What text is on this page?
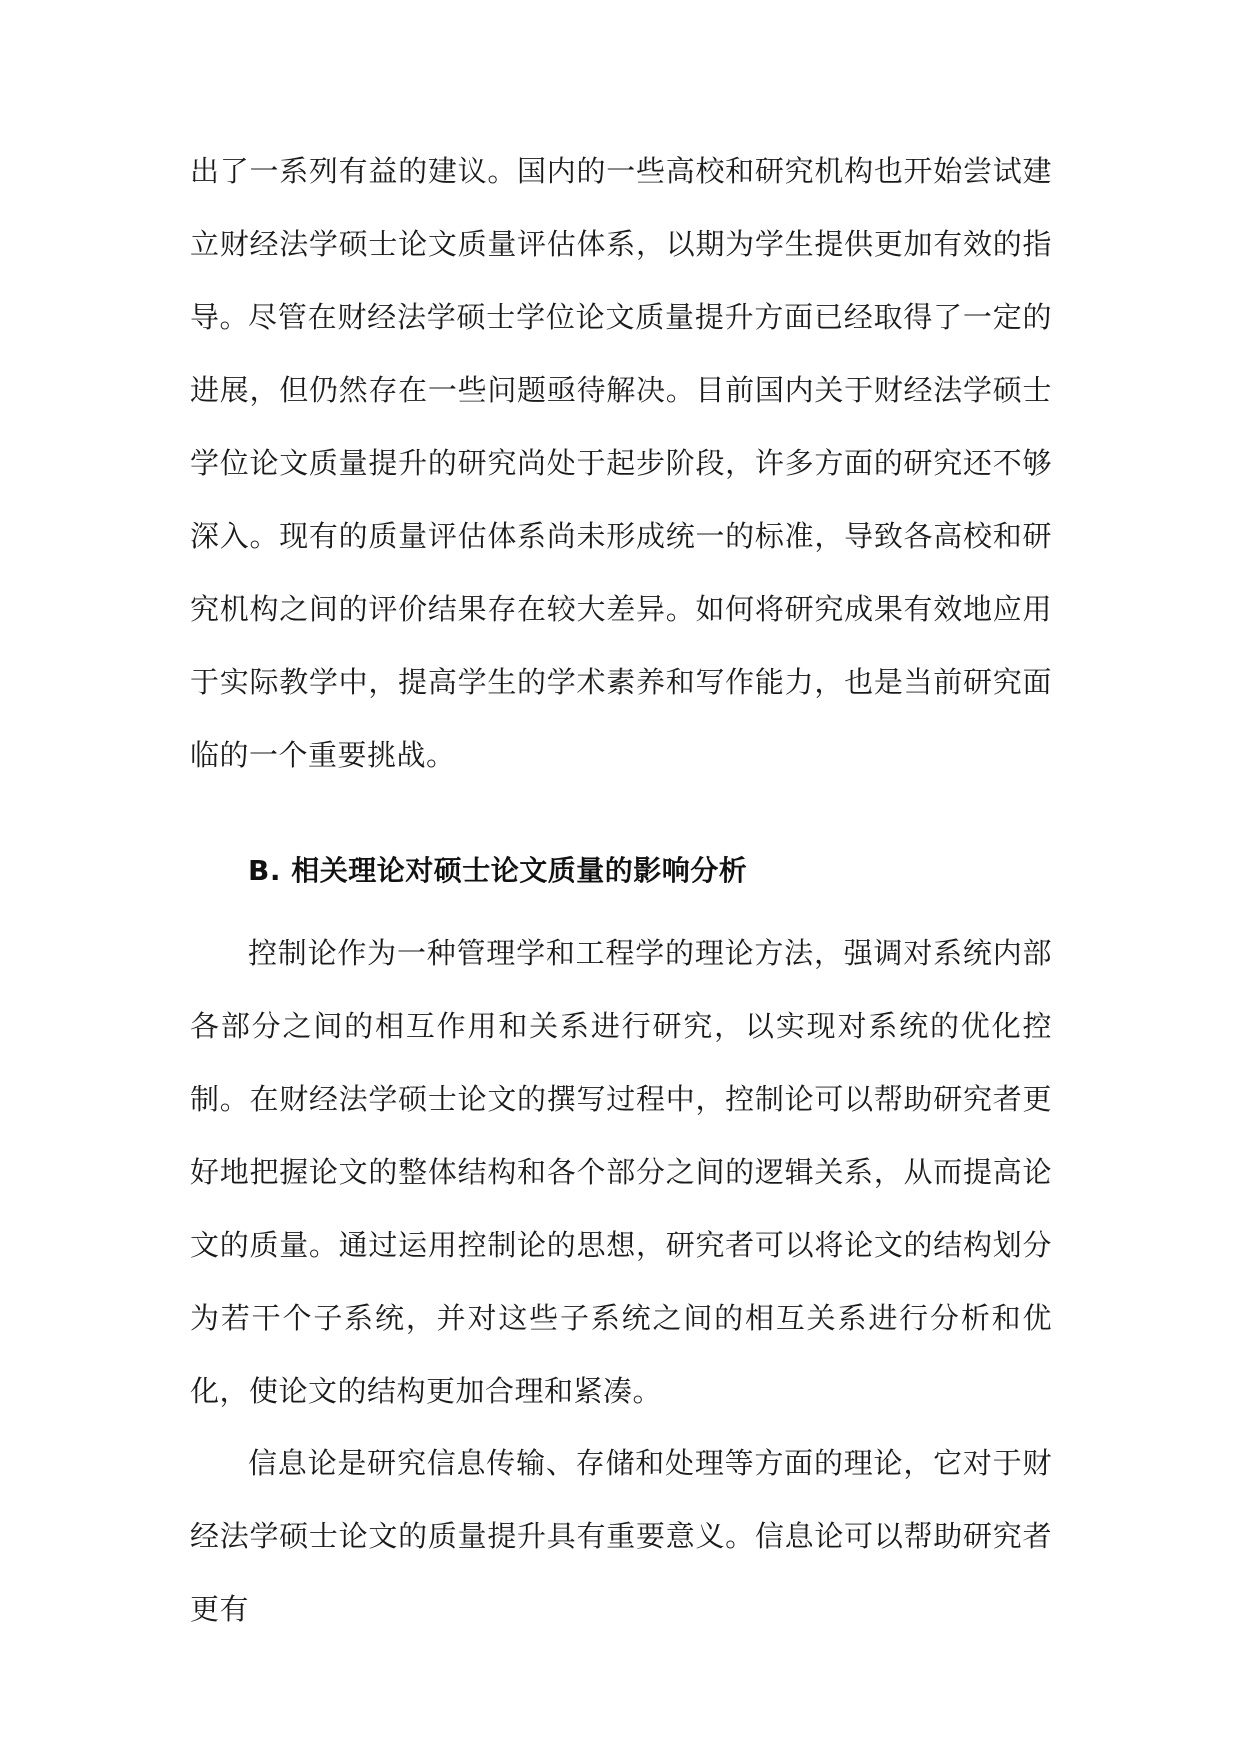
出了一系列有益的建议。国内的一些高校和研究机构也开始尝试建立财经法学硕士论文质量评估体系，以期为学生提供更加有效的指导。

尽管在财经法学硕士学位论文质量提升方面已经取得了一定的进展，但仍然存在一些问题亟待解决。目前国内关于财经法学硕士学位论文质量提升的研究尚处于起步阶段，许多方面的研究还不够深入。现有的质量评估体系尚未形成统一的标准，导致各高校和研究机构之间的评价结果存在较大差异。如何将研究成果有效地应用于实际教学中，提高学生的学术素养和写作能力，也是当前研究面临的一个重要挑战。

B. 相关理论对硕士论文质量的影响分析

控制论作为一种管理学和工程学的理论方法，强调对系统内部各部分之间的相互作用和关系进行研究，以实现对系统的优化控制。在财经法学硕士论文的撰写过程中，控制论可以帮助研究者更好地把握论文的整体结构和各个部分之间的逻辑关系，从而提高论文的质量。通过运用控制论的思想，研究者可以将论文的结构划分为若干个子系统，并对这些子系统之间的相互关系进行分析和优化，使论文的结构更加合理和紧凑。

信息论是研究信息传输、存储和处理等方面的理论，它对于财经法学硕士论文的质量提升具有重要意义。信息论可以帮助研究者更有
